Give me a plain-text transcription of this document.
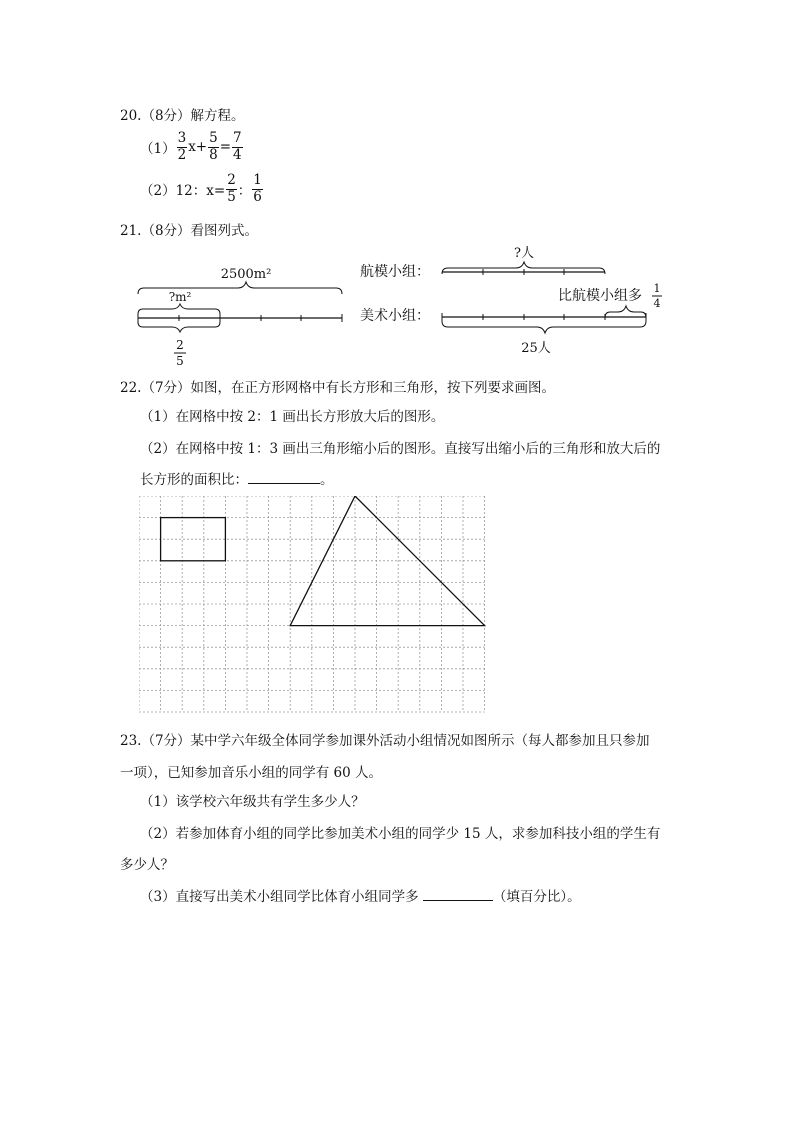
20.（8分）解方程。
$(1) \frac{3}{2} x+ \frac{5}{8} = \frac{7}{4}$
（2） 12：$x= \frac{2}{5}$ ： $\frac{1}{6}$
21.（8分）看图列式。
2500m²
?m²
2
5
航模小组：
?人
比航模小组多 1
4
美术小组：
25人
22.（7分）如图，在正方形网格中有长方形和三角形，按下列要求画图。
（1）在网格中按 2：1 画出长方形放大后的图形。
（2）在网格中按 1：3 画出三角形缩小后的图形。直接写出缩小后的三角形和放大后的
长方形的面积比：	。
23.（7分）某中学六年级全体同学参加课外活动小组情况如图所示（每人都参加且只参加
一项），已知参加音乐小组的同学有 60 人。
（1）该学校六年级共有学生多少人？
（2）若参加体育小组的同学比参加美术小组的同学少 15 人，求参加科技小组的学生有
多少人？
（3）直接写出美术小组同学比体育小组同学多	（填百分比）。
